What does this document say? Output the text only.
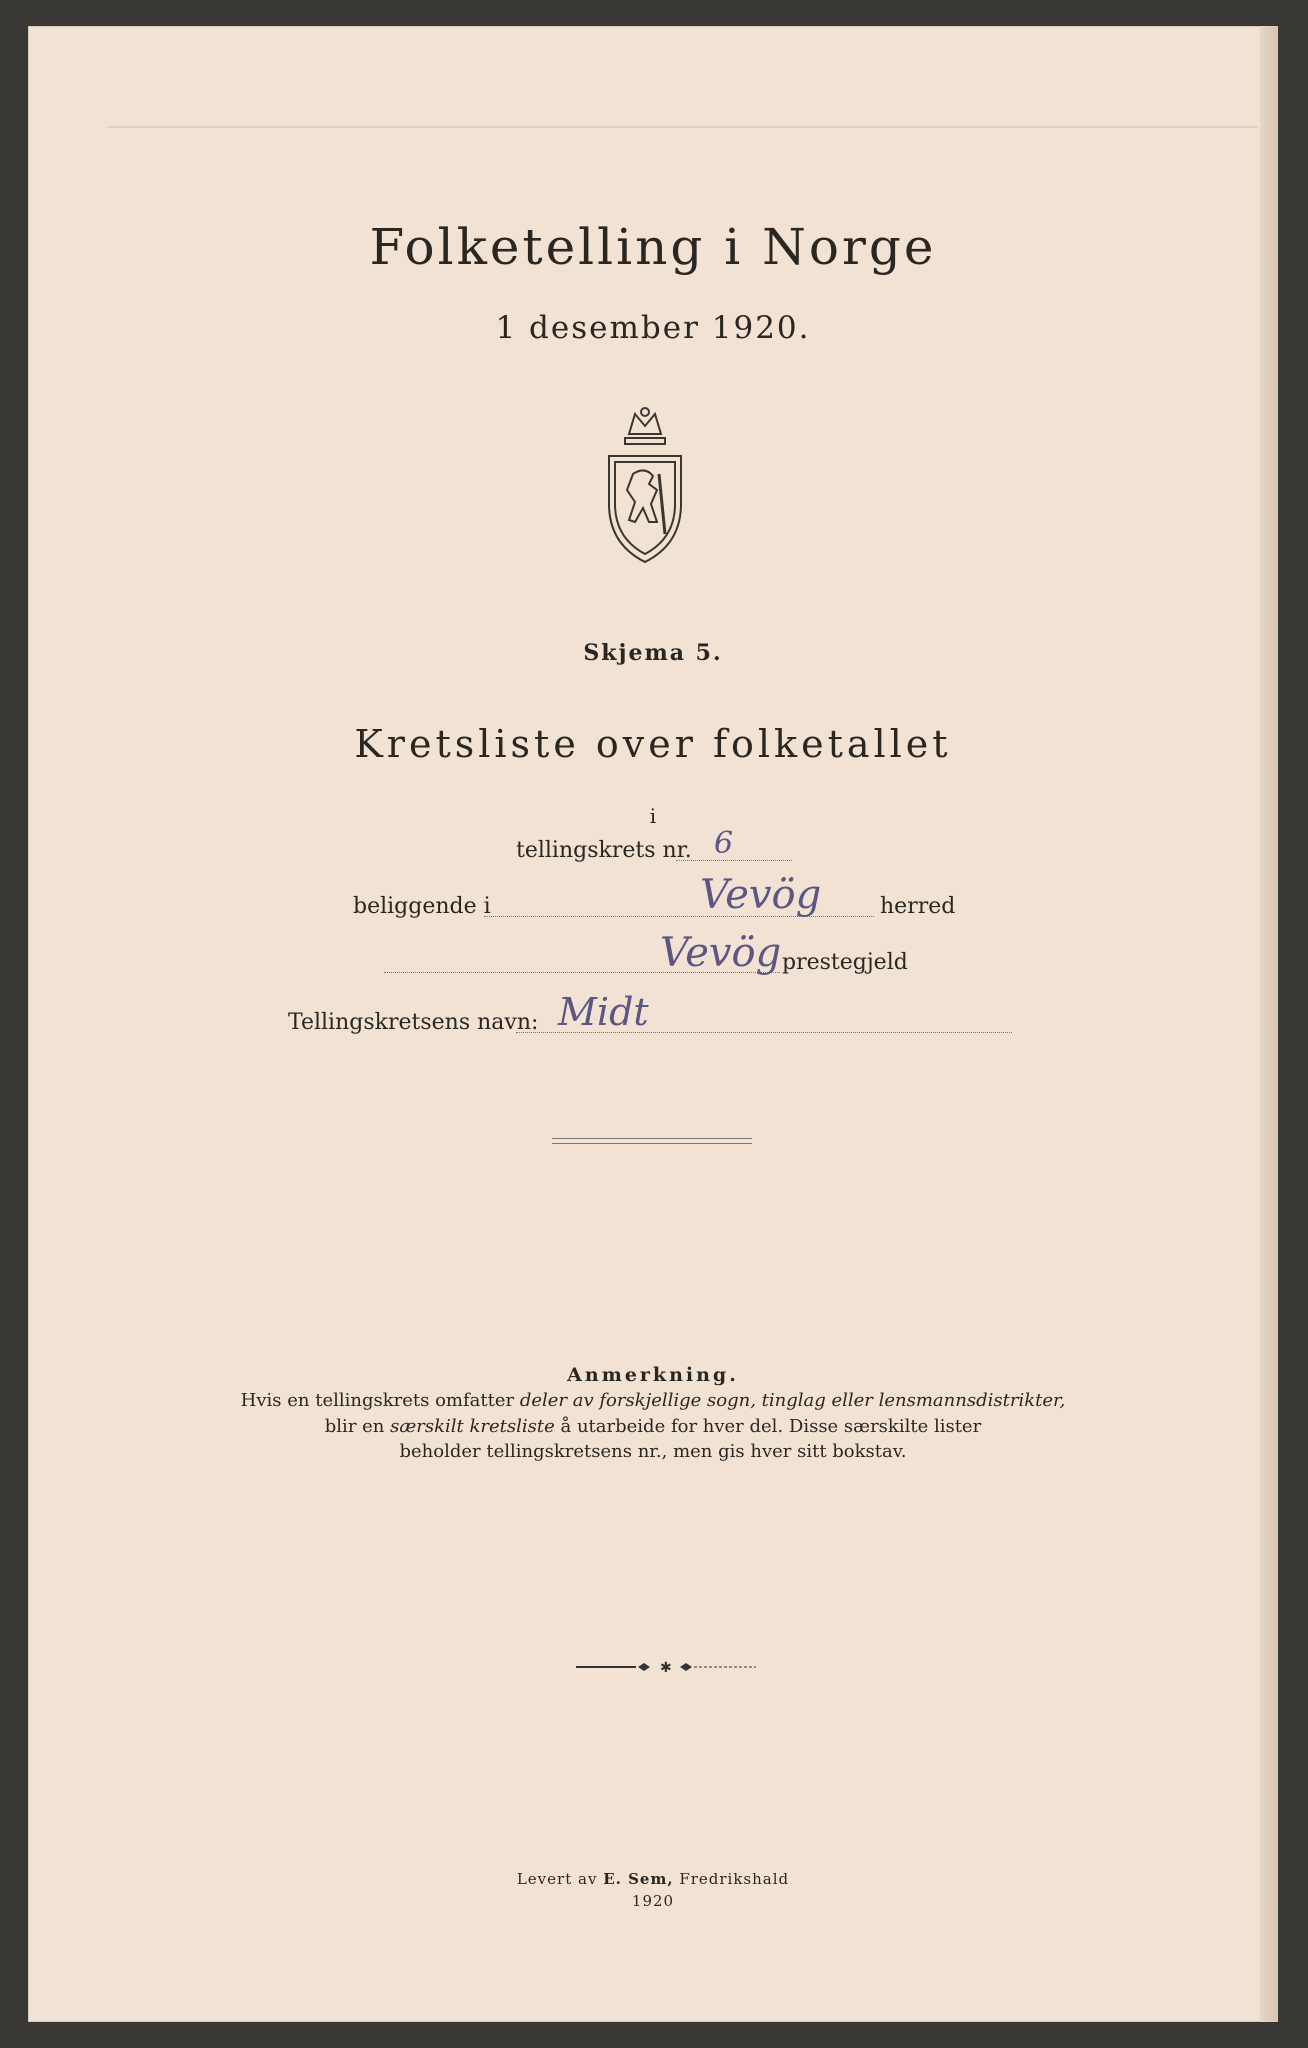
Folketelling i Norge
1 desember 1920.
Skjema 5.
Kretsliste over folketallet
i
tellingskrets nr. 6
beliggende i	Vevög	herred
Vevög prestegjeld
Tellingskretsens navn: Midt
Anmerkning.
Hvis en tellingskrets omfatter deler av forskjellige sogn, tinglag eller lensmannsdistrikter,
blir en særskilt kretsliste å utarbeide for hver del. Disse særskilte lister
beholder tellingskretsens nr., men gis hver sitt bokstav.
✱
Levert av E. Sem, Fredrikshald
1920
